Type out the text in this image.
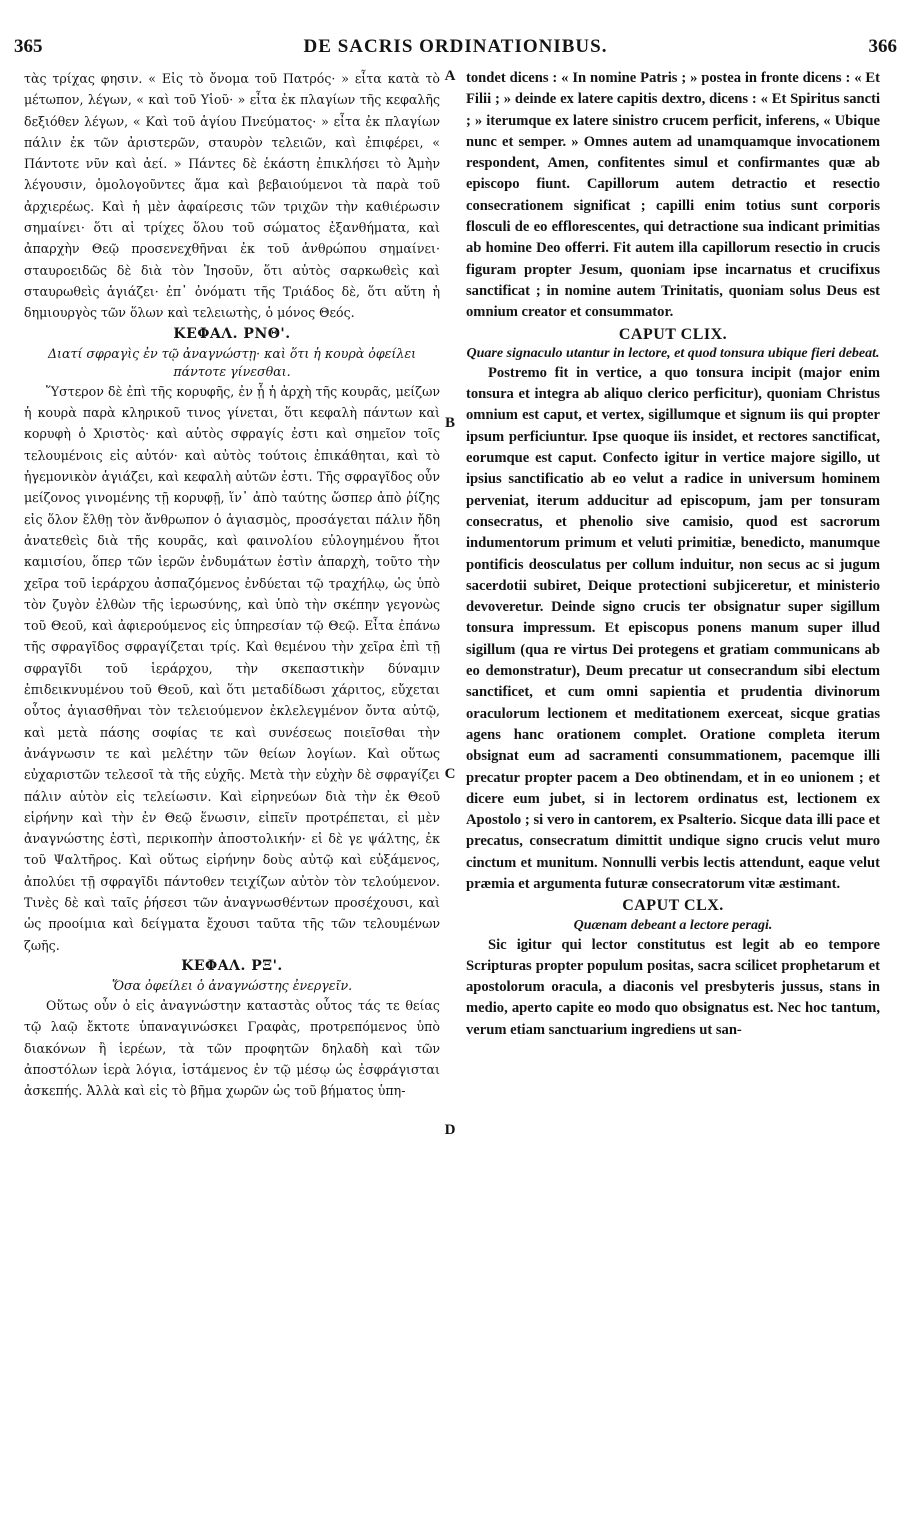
365	DE SACRIS ORDINATIONIBUS.	366

τὰς τρίχας φησιν. « Εἰς τὸ ὄνομα τοῦ Πατρός· » εἶτα κατὰ τὸ μέτωπον, λέγων, « καὶ τοῦ Υἱοῦ· » εἶτα ἐκ πλαγίων τῆς κεφαλῆς δεξιόθεν λέγων, « Καὶ τοῦ ἁγίου Πνεύματος· » εἶτα ἐκ πλαγίων πάλιν ἐκ τῶν ἀριστερῶν, σταυρὸν τελειῶν, καὶ ἐπιφέρει, « Πάντοτε νῦν καὶ ἀεί. » Πάντες δὲ ἑκάστη ἐπικλήσει τὸ Ἀμὴν λέγουσιν, ὁμολογοῦντες ἅμα καὶ βεβαιούμενοι τὰ παρὰ τοῦ ἀρχιερέως. Καὶ ἡ μὲν ἀφαίρεσις τῶν τριχῶν τὴν καθιέρωσιν σημαίνει· ὅτι αἱ τρίχες ὅλου τοῦ σώματος ἐξανθήματα, καὶ ἀπαρχὴν Θεῷ προσενεχθῆναι ἐκ τοῦ ἀνθρώπου σημαίνει· σταυροειδῶς δὲ διὰ τὸν Ἰησοῦν, ὅτι αὐτὸς σαρκωθεὶς καὶ σταυρωθεὶς ἁγιάζει· ἐπ᾽ ὀνόματι τῆς Τριάδος δὲ, ὅτι αὕτη ἡ δημιουργὸς τῶν ὅλων καὶ τελειωτὴς, ὁ μόνος Θεός.

ΚΕΦΑΛ. ΡΝΘ'.

Διατί σφραγὶς ἐν τῷ ἀναγνώστῃ· καὶ ὅτι ἡ κουρὰ ὀφείλει πάντοτε γίνεσθαι.

Ὕστερον δὲ ἐπὶ τῆς κορυφῆς, ἐν ᾗ ἡ ἀρχὴ τῆς κουρᾶς, μείζων ἡ κουρὰ παρὰ κληρικοῦ τινος γίνεται, ὅτι κεφαλὴ πάντων καὶ κορυφὴ ὁ Χριστὸς· καὶ αὐτὸς σφραγίς ἐστι καὶ σημεῖον τοῖς τελουμένοις εἰς αὐτόν· καὶ αὐτὸς τούτοις ἐπικάθηται, καὶ τὸ ἡγεμονικὸν ἁγιάζει, καὶ κεφαλὴ αὐτῶν ἐστι. Τῆς σφραγῖδος οὖν μείζονος γινομένης τῇ κορυφῇ, ἵν᾽ ἀπὸ ταύτης ὥσπερ ἀπὸ ῥίζης εἰς ὅλον ἔλθῃ τὸν ἄνθρωπον ὁ ἁγιασμὸς, προσάγεται πάλιν ἤδη ἀνατεθεὶς διὰ τῆς κουρᾶς, καὶ φαινολίου εὐλογημένου ἤτοι καμισίου, ὅπερ τῶν ἱερῶν ἐνδυμάτων ἐστὶν ἀπαρχὴ, τοῦτο τὴν χεῖρα τοῦ ἱεράρχου ἀσπαζόμενος ἐνδύεται τῷ τραχήλῳ, ὡς ὑπὸ τὸν ζυγὸν ἐλθὼν τῆς ἱερωσύνης, καὶ ὑπὸ τὴν σκέπην γεγονὼς τοῦ Θεοῦ, καὶ ἀφιερούμενος εἰς ὑπηρεσίαν τῷ Θεῷ. Εἶτα ἐπάνω τῆς σφραγῖδος σφραγίζεται τρίς. Καὶ θεμένου τὴν χεῖρα ἐπὶ τῇ σφραγῖδι τοῦ ἱεράρχου, τὴν σκεπαστικὴν δύναμιν ἐπιδεικνυμένου τοῦ Θεοῦ, καὶ ὅτι μεταδίδωσι χάριτος, εὔχεται οὗτος ἁγιασθῆναι τὸν τελειούμενον ἐκλελεγμένον ὄντα αὐτῷ, καὶ μετὰ πάσης σοφίας τε καὶ συνέσεως ποιεῖσθαι τὴν ἀνάγνωσιν τε καὶ μελέτην τῶν θείων λογίων. Καὶ οὕτως εὐχαριστῶν τελεσοῖ τὰ τῆς εὐχῆς. Μετὰ τὴν εὐχὴν δὲ σφραγίζει πάλιν αὐτὸν εἰς τελείωσιν. Καὶ εἰρηνεύων διὰ τὴν ἐκ Θεοῦ εἰρήνην καὶ τὴν ἐν Θεῷ ἕνωσιν, εἰπεῖν προτρέπεται, εἰ μὲν ἀναγνώστης ἐστὶ, περικοπὴν ἀποστολικήν· εἰ δὲ γε ψάλτης, ἐκ τοῦ Ψαλτῆρος. Καὶ οὕτως εἰρήνην δοὺς αὐτῷ καὶ εὐξάμενος, ἀπολύει τῇ σφραγῖδι πάντοθεν τειχίζων αὐτὸν τὸν τελούμενον. Τινὲς δὲ καὶ ταῖς ῥήσεσι τῶν ἀναγνωσθέντων προσέχουσι, καὶ ὡς προοίμια καὶ δείγματα ἔχουσι ταῦτα τῆς τῶν τελουμένων ζωῆς.

ΚΕΦΑΛ. ΡΞ'.

Ὅσα ὀφείλει ὁ ἀναγνώστης ἐνεργεῖν.

Οὕτως οὖν ὁ εἰς ἀναγνώστην καταστὰς οὗτος τάς τε θείας τῷ λαῷ ἔκτοτε ὑπαναγινώσκει Γραφὰς, προτρεπόμενος ὑπὸ διακόνων ἢ ἱερέων, τὰ τῶν προφητῶν δηλαδὴ καὶ τῶν ἀποστόλων ἱερὰ λόγια, ἱστάμενος ἐν τῷ μέσῳ ὡς ἐσφράγισται ἀσκεπής. Ἀλλὰ καὶ εἰς τὸ βῆμα χωρῶν ὡς τοῦ βήματος ὑπη-

A
B
C
D

tondet dicens : « In nomine Patris ; » postea in fronte dicens : « Et Filii ; » deinde ex latere capitis dextro, dicens : « Et Spiritus sancti ; » iterumque ex latere sinistro crucem perficit, inferens, « Ubique nunc et semper. » Omnes autem ad unamquamque invocationem respondent, Amen, confitentes simul et confirmantes quæ ab episcopo fiunt. Capillorum autem detractio et resectio consecrationem significat ; capilli enim totius sunt corporis flosculi de eo efflorescentes, qui detractione sua indicant primitias ab homine Deo offerri. Fit autem illa capillorum resectio in crucis figuram propter Jesum, quoniam ipse incarnatus et crucifixus sanctificat ; in nomine autem Trinitatis, quoniam solus Deus est omnium creator et consummator.

CAPUT CLIX.

Quare signaculo utantur in lectore, et quod tonsura ubique fieri debeat.

Postremo fit in vertice, a quo tonsura incipit (major enim tonsura et integra ab aliquo clerico perficitur), quoniam Christus omnium est caput, et vertex, sigillumque et signum iis qui propter ipsum perficiuntur. Ipse quoque iis insidet, et rectores sanctificat, eorumque est caput. Confecto igitur in vertice majore sigillo, ut ipsius sanctificatio ab eo velut a radice in universum hominem perveniat, iterum adducitur ad episcopum, jam per tonsuram consecratus, et phenolio sive camisio, quod est sacrorum indumentorum primum et veluti primitiæ, benedicto, manumque pontificis deosculatus per collum induitur, non secus ac si jugum sacerdotii subiret, Deique protectioni subjiceretur, et ministerio devoveretur. Deinde signo crucis ter obsignatur super sigillum tonsura impressum. Et episcopus ponens manum super illud sigillum (qua re virtus Dei protegens et gratiam communicans ab eo demonstratur), Deum precatur ut consecrandum sibi electum sanctificet, et cum omni sapientia et prudentia divinorum oraculorum lectionem et meditationem exerceat, sicque gratias agens hanc orationem complet. Oratione completa iterum obsignat eum ad sacramenti consummationem, pacemque illi precatur propter pacem a Deo obtinendam, et in eo unionem ; et dicere eum jubet, si in lectorem ordinatus est, lectionem ex Apostolo ; si vero in cantorem, ex Psalterio. Sicque data illi pace et precatus, consecratum dimittit undique signo crucis velut muro cinctum et munitum. Nonnulli verbis lectis attendunt, eaque velut præmia et argumenta futuræ consecratorum vitæ æstimant.

CAPUT CLX.

Quænam debeant a lectore peragi.

Sic igitur qui lector constitutus est legit ab eo tempore Scripturas propter populum positas, sacra scilicet prophetarum et apostolorum oracula, a diaconis vel presbyteris jussus, stans in medio, aperto capite eo modo quo obsignatus est. Nec hoc tantum, verum etiam sanctuarium ingrediens ut san-
